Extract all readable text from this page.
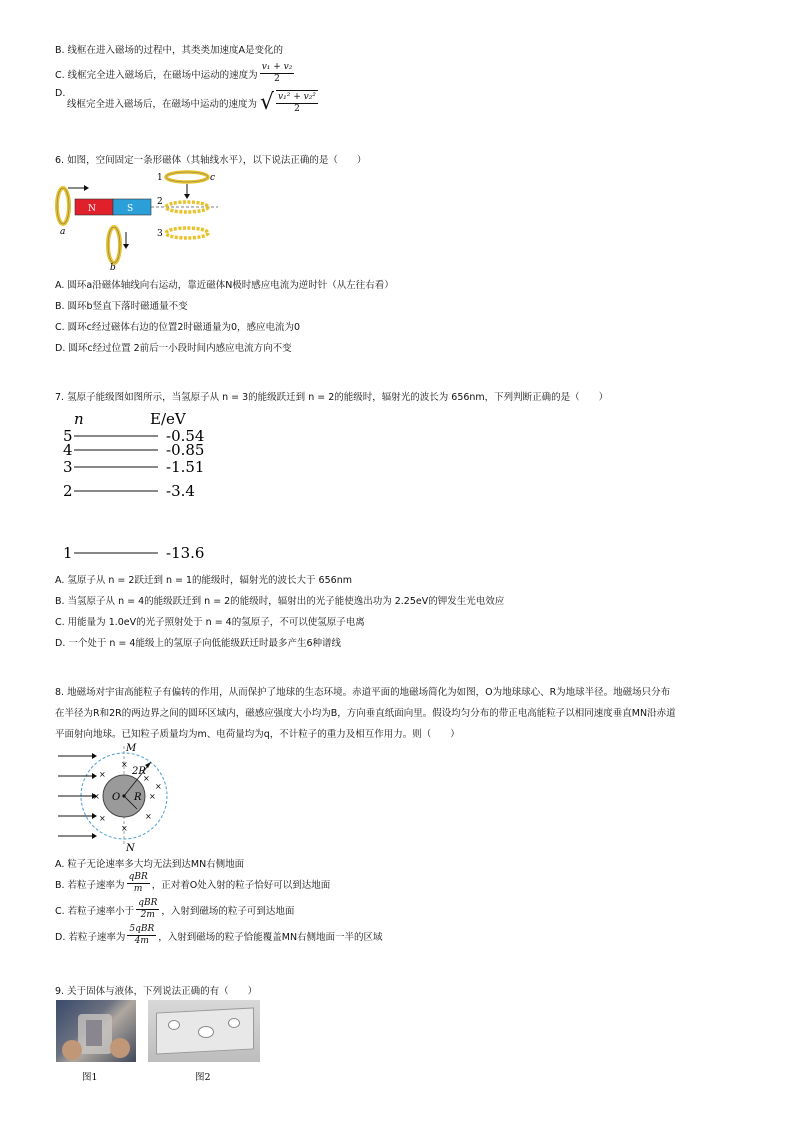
B. 线框在进入磁场的过程中，其类类加速度A是变化的
C. 线框完全进入磁场后，在磁场中运动的速度为 $\frac{\text{v₁ + v₂}}{2}$
D.
线框完全进入磁场后，在磁场中运动的速度为 √ $\frac{\text{v₁² + v₂²}}{2}$
6. 如图，空间固定一条形磁体（其轴线水平），以下说法正确的是（　　）
a
N	S
b
1	c
2
3
A. 圆环a沿磁体轴线向右运动，靠近磁体N极时感应电流为逆时针（从左往右看）
B. 圆环b竖直下落时磁通量不变
C. 圆环c经过磁体右边的位置2时磁通量为0，感应电流为0
D. 圆环c经过位置 2前后一小段时间内感应电流方向不变
7. 氢原子能级图如图所示，当氢原子从 n = 3的能级跃迁到 n = 2的能级时，辐射光的波长为 656nm，下列判断正确的是（　　）
n	E/eV
5	-0.54
4	-0.85
3	-1.51
2	-3.4
1	-13.6
A. 氢原子从 n = 2跃迁到 n = 1的能级时，辐射光的波长大于 656nm
B. 当氢原子从 n = 4的能级跃迁到 n = 2的能级时，辐射出的光子能使逸出功为 2.25eV的钾发生光电效应
C. 用能量为 1.0eV的光子照射处于 n = 4的氢原子，不可以使氢原子电离
D. 一个处于 n = 4能级上的氢原子向低能级跃迁时最多产生6种谱线
8. 地磁场对宇宙高能粒子有偏转的作用，从而保护了地球的生态环境。赤道平面的地磁场简化为如图，O为地球球心、R为地球半径。地磁场只分布
在半径为R和2R的两边界之间的圆环区域内，磁感应强度大小均为B，方向垂直纸面向里。假设均匀分布的带正电高能粒子以相同速度垂直MN沿赤道
平面射向地球。已知粒子质量均为m、电荷量均为q，不计粒子的重力及相互作用力。则（　　）
M
N
O R
2R
×
×	×
×	×
×	×
×
×
A. 粒子无论速率多大均无法到达MN右侧地面
B. 若粒子速率为 $\frac{\text{qBR}}{m}$ ，正对着O处入射的粒子恰好可以到达地面
C. 若粒子速率小于 $\frac{\text{qBR}}{2m}$ ，入射到磁场的粒子可到达地面
D. 若粒子速率为 $\frac{\text{5qBR}}{4m}$ ，入射到磁场的粒子恰能覆盖MN右侧地面一半的区域
9. 关于固体与液体，下列说法正确的有（　　）
图1	图2
